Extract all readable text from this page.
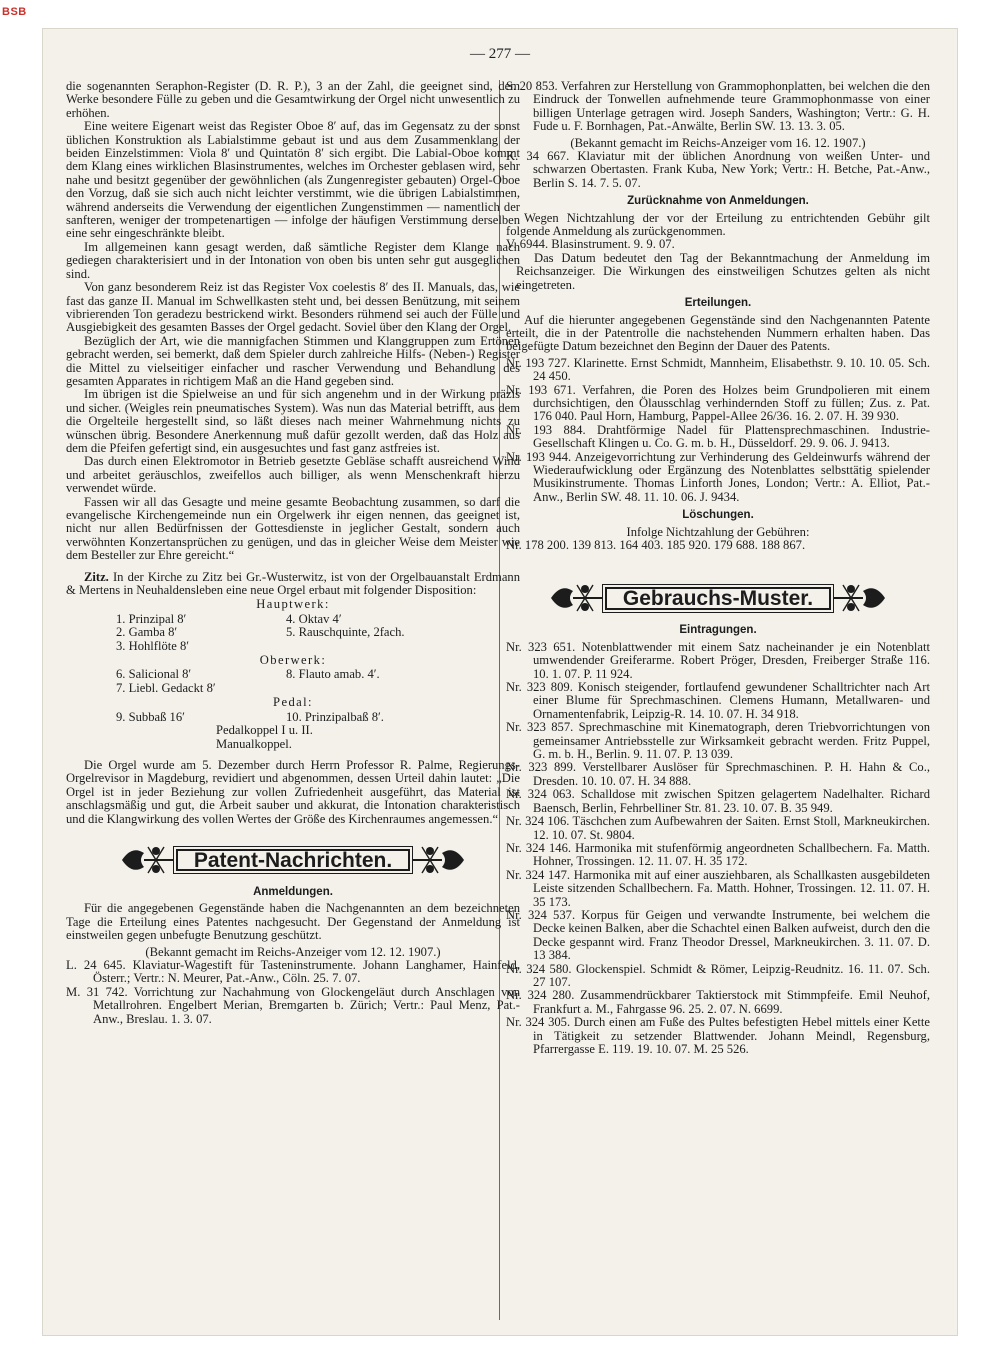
BSB
— 277 —

die sogenannten Seraphon-Register (D. R. P.), 3 an der Zahl, die geeignet sind, dem Werke besondere Fülle zu geben und die Gesamtwirkung der Orgel nicht unwesentlich zu erhöhen.

Eine weitere Eigenart weist das Register Oboe 8′ auf, das im Gegensatz zu der sonst üblichen Konstruktion als Labialstimme gebaut ist und aus dem Zusammenklang der beiden Einzelstimmen: Viola 8′ und Quintatön 8′ sich ergibt. Die Labial-Oboe kommt dem Klang eines wirklichen Blasinstrumentes, welches im Orchester geblasen wird, sehr nahe und besitzt gegenüber der gewöhnlichen (als Zungenregister gebauten) Orgel-Oboe den Vorzug, daß sie sich auch nicht leichter verstimmt, wie die übrigen Labialstimmen, während anderseits die Verwendung der eigentlichen Zungenstimmen — namentlich der sanfteren, weniger der trompetenartigen — infolge der häufigen Verstimmung derselben eine sehr eingeschränkte bleibt.

Im allgemeinen kann gesagt werden, daß sämtliche Register dem Klange nach gediegen charakterisiert und in der Intonation von oben bis unten sehr gut ausgeglichen sind.

Von ganz besonderem Reiz ist das Register Vox coelestis 8′ des II. Manuals, das, wie fast das ganze II. Manual im Schwellkasten steht und, bei dessen Benützung, mit seinem vibrierenden Ton geradezu bestrickend wirkt. Besonders rühmend sei auch der Fülle und Ausgiebigkeit des gesamten Basses der Orgel gedacht. Soviel über den Klang der Orgel.

Bezüglich der Art, wie die mannigfachen Stimmen und Klanggruppen zum Ertönen gebracht werden, sei bemerkt, daß dem Spieler durch zahlreiche Hilfs- (Neben-) Register die Mittel zu vielseitiger einfacher und rascher Verwendung und Behandlung des gesamten Apparates in richtigem Maß an die Hand gegeben sind.

Im übrigen ist die Spielweise an und für sich angenehm und in der Wirkung präzis und sicher. (Weigles rein pneumatisches System). Was nun das Material betrifft, aus dem die Orgelteile hergestellt sind, so läßt dieses nach meiner Wahrnehmung nichts zu wünschen übrig. Besondere Anerkennung muß dafür gezollt werden, daß das Holz aus dem die Pfeifen gefertigt sind, ein ausgesuchtes und fast ganz astfreies ist.

Das durch einen Elektromotor in Betrieb gesetzte Gebläse schafft ausreichend Wind und arbeitet geräuschlos, zweifellos auch billiger, als wenn Menschenkraft hierzu verwendet würde.

Fassen wir all das Gesagte und meine gesamte Beobachtung zusammen, so darf die evangelische Kirchengemeinde nun ein Orgelwerk ihr eigen nennen, das geeignet ist, nicht nur allen Bedürfnissen der Gottesdienste in jeglicher Gestalt, sondern auch verwöhnten Konzertansprüchen zu genügen, und das in gleicher Weise dem Meister wie dem Besteller zur Ehre gereicht.“

Zitz. In der Kirche zu Zitz bei Gr.-Wusterwitz, ist von der Orgelbauanstalt Erdmann & Mertens in Neuhaldensleben eine neue Orgel erbaut mit folgender Disposition:

Hauptwerk:
1. Prinzipal 8′	4. Oktav 4′
2. Gamba 8′	5. Rauschquinte, 2fach.
3. Hohlflöte 8′
Oberwerk:
6. Salicional 8′	8. Flauto amab. 4′.
7. Liebl. Gedackt 8′
Pedal:
9. Subbaß 16′	10. Prinzipalbaß 8′.
Pedalkoppel I u. II.
Manualkoppel.

Die Orgel wurde am 5. Dezember durch Herrn Professor R. Palme, Regierungs-Orgelrevisor in Magdeburg, revidiert und abgenommen, dessen Urteil dahin lautet: „Die Orgel ist in jeder Beziehung zur vollen Zufriedenheit ausgeführt, das Material ist anschlagsmäßig und gut, die Arbeit sauber und akkurat, die Intonation charakteristisch und die Klangwirkung des vollen Wertes der Größe des Kirchenraumes angemessen.“

Patent-Nachrichten.
Anmeldungen.

Für die angegebenen Gegenstände haben die Nachgenannten an dem bezeichneten Tage die Erteilung eines Patentes nachgesucht. Der Gegenstand der Anmeldung ist einstweilen gegen unbefugte Benutzung geschützt.

(Bekannt gemacht im Reichs-Anzeiger vom 12. 12. 1907.)

L. 24 645. Klaviatur-Wagestift für Tasteninstrumente. Johann Langhamer, Hainfeld, Österr.; Vertr.: N. Meurer, Pat.-Anw., Cöln. 25. 7. 07.

M. 31 742. Vorrichtung zur Nachahmung von Glockengeläut durch Anschlagen von Metallrohren. Engelbert Merian, Bremgarten b. Zürich; Vertr.: Paul Menz, Pat.-Anw., Breslau. 1. 3. 07.

S. 20 853. Verfahren zur Herstellung von Grammophonplatten, bei welchen die den Eindruck der Tonwellen aufnehmende teure Grammophonmasse von einer billigen Unterlage getragen wird. Joseph Sanders, Washington; Vertr.: G. H. Fude u. F. Bornhagen, Pat.-Anwälte, Berlin SW. 13. 13. 3. 05.

(Bekannt gemacht im Reichs-Anzeiger vom 16. 12. 1907.)

K. 34 667. Klaviatur mit der üblichen Anordnung von weißen Unter- und schwarzen Obertasten. Frank Kuba, New York; Vertr.: H. Betche, Pat.-Anw., Berlin S. 14. 7. 5. 07.

Zurücknahme von Anmeldungen.

Wegen Nichtzahlung der vor der Erteilung zu entrichtenden Gebühr gilt folgende Anmeldung als zurückgenommen.

V. 6944. Blasinstrument. 9. 9. 07.

Das Datum bedeutet den Tag der Bekanntmachung der Anmeldung im Reichsanzeiger. Die Wirkungen des einstweiligen Schutzes gelten als nicht eingetreten.

Erteilungen.

Auf die hierunter angegebenen Gegenstände sind den Nachgenannten Patente erteilt, die in der Patentrolle die nachstehenden Nummern erhalten haben. Das beigefügte Datum bezeichnet den Beginn der Dauer des Patents.

Nr. 193 727. Klarinette. Ernst Schmidt, Mannheim, Elisabethstr. 9. 10. 10. 05. Sch. 24 450.

Nr. 193 671. Verfahren, die Poren des Holzes beim Grundpolieren mit einem durchsichtigen, den Ölausschlag verhindernden Stoff zu füllen; Zus. z. Pat. 176 040. Paul Horn, Hamburg, Pappel-Allee 26/36. 16. 2. 07. H. 39 930.

Nr. 193 884. Drahtförmige Nadel für Plattensprechmaschinen. Industrie-Gesellschaft Klingen u. Co. G. m. b. H., Düsseldorf. 29. 9. 06. J. 9413.

Nr. 193 944. Anzeigevorrichtung zur Verhinderung des Geldeinwurfs während der Wiederaufwicklung oder Ergänzung des Notenblattes selbsttätig spielender Musikinstrumente. Thomas Linforth Jones, London; Vertr.: A. Elliot, Pat.-Anw., Berlin SW. 48. 11. 10. 06. J. 9434.

Löschungen.

Infolge Nichtzahlung der Gebühren:

Nr. 178 200. 139 813. 164 403. 185 920. 179 688. 188 867.

Gebrauchs-Muster.
Eintragungen.

Nr. 323 651. Notenblattwender mit einem Satz nacheinander je ein Notenblatt umwendender Greiferarme. Robert Pröger, Dresden, Freiberger Straße 116. 10. 1. 07. P. 11 924.

Nr. 323 809. Konisch steigender, fortlaufend gewundener Schalltrichter nach Art einer Blume für Sprechmaschinen. Clemens Humann, Metallwaren- und Ornamentenfabrik, Leipzig-R. 14. 10. 07. H. 34 918.

Nr. 323 857. Sprechmaschine mit Kinematograph, deren Triebvorrichtungen von gemeinsamer Antriebsstelle zur Wirksamkeit gebracht werden. Fritz Puppel, G. m. b. H., Berlin. 9. 11. 07. P. 13 039.

Nr. 323 899. Verstellbarer Auslöser für Sprechmaschinen. P. H. Hahn & Co., Dresden. 10. 10. 07. H. 34 888.

Nr. 324 063. Schalldose mit zwischen Spitzen gelagertem Nadelhalter. Richard Baensch, Berlin, Fehrbelliner Str. 81. 23. 10. 07. B. 35 949.

Nr. 324 106. Täschchen zum Aufbewahren der Saiten. Ernst Stoll, Markneukirchen. 12. 10. 07. St. 9804.

Nr. 324 146. Harmonika mit stufenförmig angeordneten Schallbechern. Fa. Matth. Hohner, Trossingen. 12. 11. 07. H. 35 172.

Nr. 324 147. Harmonika mit auf einer ausziehbaren, als Schallkasten ausgebildeten Leiste sitzenden Schallbechern. Fa. Matth. Hohner, Trossingen. 12. 11. 07. H. 35 173.

Nr. 324 537. Korpus für Geigen und verwandte Instrumente, bei welchem die Decke keinen Balken, aber die Schachtel einen Balken aufweist, durch den die Decke gespannt wird. Franz Theodor Dressel, Markneukirchen. 3. 11. 07. D. 13 384.

Nr. 324 580. Glockenspiel. Schmidt & Römer, Leipzig-Reudnitz. 16. 11. 07. Sch. 27 107.

Nr. 324 280. Zusammendrückbarer Taktierstock mit Stimmpfeife. Emil Neuhof, Frankfurt a. M., Fahrgasse 96. 25. 2. 07. N. 6699.

Nr. 324 305. Durch einen am Fuße des Pultes befestigten Hebel mittels einer Kette in Tätigkeit zu setzender Blattwender. Johann Meindl, Regensburg, Pfarrergasse E. 119. 19. 10. 07. M. 25 526.
